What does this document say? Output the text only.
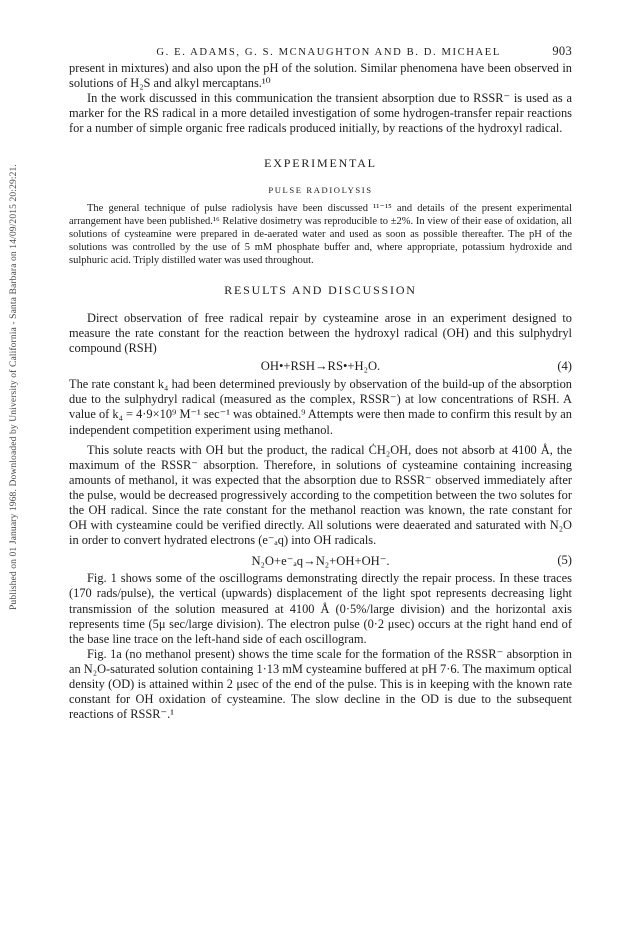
Published on 01 January 1968. Downloaded by University of California - Santa Barbara on 14/09/2015 20:29:21.
G. E. ADAMS, G. S. MCNAUGHTON AND B. D. MICHAEL	903

present in mixtures) and also upon the pH of the solution. Similar phenomena have been observed in solutions of H₂S and alkyl mercaptans.¹⁰

In the work discussed in this communication the transient absorption due to RSSR⁻ is used as a marker for the RS radical in a more detailed investigation of some hydrogen-transfer repair reactions for a number of simple organic free radicals produced initially, by reactions of the hydroxyl radical.

EXPERIMENTAL
PULSE RADIOLYSIS

The general technique of pulse radiolysis have been discussed ¹¹⁻¹⁵ and details of the present experimental arrangement have been published.¹⁶ Relative dosimetry was reproducible to ±2%. In view of their ease of oxidation, all solutions of cysteamine were prepared in de-aerated water and used as soon as possible thereafter. The pH of the solutions was controlled by the use of 5 mM phosphate buffer and, where appropriate, potassium hydroxide and sulphuric acid. Triply distilled water was used throughout.

RESULTS AND DISCUSSION

Direct observation of free radical repair by cysteamine arose in an experiment designed to measure the rate constant for the reaction between the hydroxyl radical (OH) and this sulphydryl compound (RSH)

OH•+RSH→RS•+H₂O.	(4)

The rate constant k₄ had been determined previously by observation of the build-up of the absorption due to the sulphydryl radical (measured as the complex, RSSR⁻) at low concentrations of RSH. A value of k₄ = 4·9×10⁹ M⁻¹ sec⁻¹ was obtained.⁹ Attempts were then made to confirm this result by an independent competition experiment using methanol.

This solute reacts with OH but the product, the radical ĊH₂OH, does not absorb at 4100 Å, the maximum of the RSSR⁻ absorption. Therefore, in solutions of cysteamine containing increasing amounts of methanol, it was expected that the absorption due to RSSR⁻ observed immediately after the pulse, would be decreased progressively according to the competition between the two solutes for the OH radical. Since the rate constant for the methanol reaction was known, the rate constant for OH with cysteamine could be verified directly. All solutions were deaerated and saturated with N₂O in order to convert hydrated electrons (e⁻ₐq) into OH radicals.

N₂O+e⁻ₐq→N₂+OH+OH⁻.	(5)

Fig. 1 shows some of the oscillograms demonstrating directly the repair process. In these traces (170 rads/pulse), the vertical (upwards) displacement of the light spot represents decreasing light transmission of the solution measured at 4100 Å (0·5%/large division) and the horizontal axis represents time (5μ sec/large division). The electron pulse (0·2 μsec) occurs at the right hand end of the base line trace on the left-hand side of each oscillogram.

Fig. 1a (no methanol present) shows the time scale for the formation of the RSSR⁻ absorption in an N₂O-saturated solution containing 1·13 mM cysteamine buffered at pH 7·6. The maximum optical density (OD) is attained within 2 μsec of the end of the pulse. This is in keeping with the known rate constant for OH oxidation of cysteamine. The slow decline in the OD is due to the subsequent reactions of RSSR⁻.¹
